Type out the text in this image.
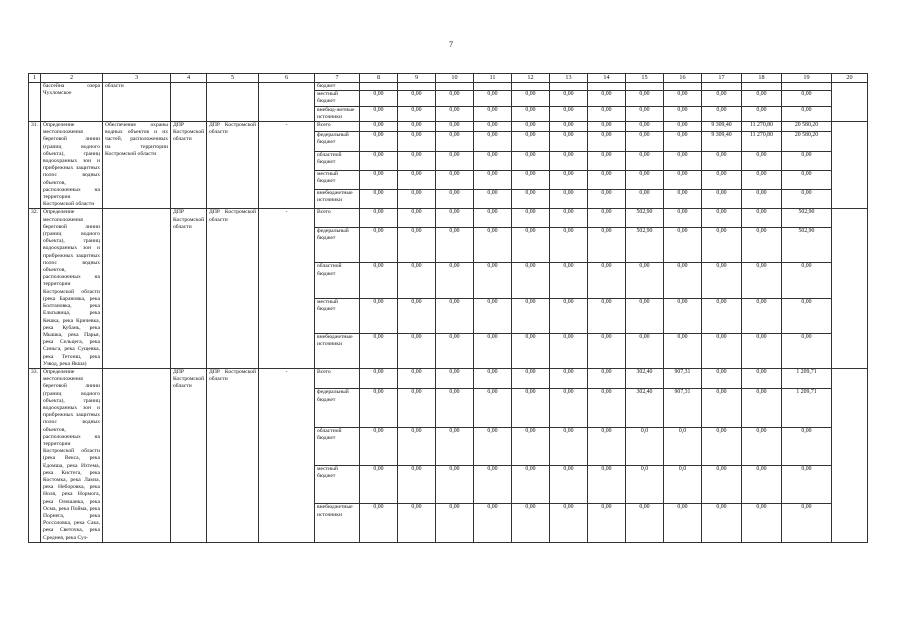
7
1	2	3	4	5	6	7	8	9	10	11	12	13	14	15	16	17	18	19	20
	бассейна озера Чухломское	области				бюджет													
						местный бюджет	0,00	0,00	0,00	0,00	0,00	0,00	0,00	0,00	0,00	0,00	0,00	0,00	
						внебюд-жетные источники	0,00	0,00	0,00	0,00	0,00	0,00	0,00	0,00	0,00	0,00	0,00	0,00	
31.	Определение местоположения береговой линии (границ водного объекта), границ водоохранных зон и прибрежных защитных полос водных объектов, расположенных на территории Костромской области	Обеспечение охраны водных объектов и их частей, расположенных на территории Костромской области	ДПР Костромской области	ДПР Костромской области	-	Всего	0,00	0,00	0,00	0,00	0,00	0,00	0,00	0,00	0,00	9 309,40	11 270,80	20 580,20	
						федеральный бюджет	0,00	0,00	0,00	0,00	0,00	0,00	0,00	0,00	0,00	9 309,40	11 270,80	20 580,20	
						областной бюджет	0,00	0,00	0,00	0,00	0,00	0,00	0,00	0,00	0,00	0,00	0,00	0,00	
						местный бюджет	0,00	0,00	0,00	0,00	0,00	0,00	0,00	0,00	0,00	0,00	0,00	0,00	
						внебюджетные источники	0,00	0,00	0,00	0,00	0,00	0,00	0,00	0,00	0,00	0,00	0,00	0,00	
32.	Определение местоположения береговой линии (границ водного объекта), границ водоохранных зон и прибрежных защитных полос водных объектов, расположенных на территории Костромской области (река Барановка, река Болтановка, река Ельтывица, река Кешка, река Кричевка, река Кубань, река Мышка, река Парья, река Сельцега, река Синьга, река Сущевка, река Тетонш, река Узвод, река Якша)		ДПР Костромской области	ДПР Костромской области	-	Всего	0,00	0,00	0,00	0,00	0,00	0,00	0,00	502,90	0,00	0,00	0,00	502,90	
						федеральный бюджет	0,00	0,00	0,00	0,00	0,00	0,00	0,00	502,90	0,00	0,00	0,00	502,90	
						областной бюджет	0,00	0,00	0,00	0,00	0,00	0,00	0,00	0,00	0,00	0,00	0,00	0,00	
						местный бюджет	0,00	0,00	0,00	0,00	0,00	0,00	0,00	0,00	0,00	0,00	0,00	0,00	
						внебюджетные источники	0,00	0,00	0,00	0,00	0,00	0,00	0,00	0,00	0,00	0,00	0,00	0,00	
33.	Определение местоположения береговой линии (границ водного объекта), границ водоохранных зон и прибрежных защитных полос водных объектов, расположенных на территории Костромской области (река Векса, река Едомша, река Ихтема, река Кистега, река Костомка, река Ламза, река Неборовка, река Ноля, река Нормога, река Олешанка, река Осма, река Пойма, река Порнега, река Россоловка, река Сака, река Светочка, река Среднея, река Суз-		ДПР Костромской области	ДПР Костромской области	-	Всего	0,00	0,00	0,00	0,00	0,00	0,00	0,00	302,40	907,31	0,00	0,00	1 209,71	
						федеральный бюджет	0,00	0,00	0,00	0,00	0,00	0,00	0,00	302,40	907,31	0,00	0,00	1 209,71	
						областной бюджет	0,00	0,00	0,00	0,00	0,00	0,00	0,00	0,0	0,0	0,00	0,00	0,00	
						местный бюджет	0,00	0,00	0,00	0,00	0,00	0,00	0,00	0,0	0,0	0,00	0,00	0,00	
						внебюджетные источники	0,00	0,00	0,00	0,00	0,00	0,00	0,00	0,00	0,00	0,00	0,00	0,00	
